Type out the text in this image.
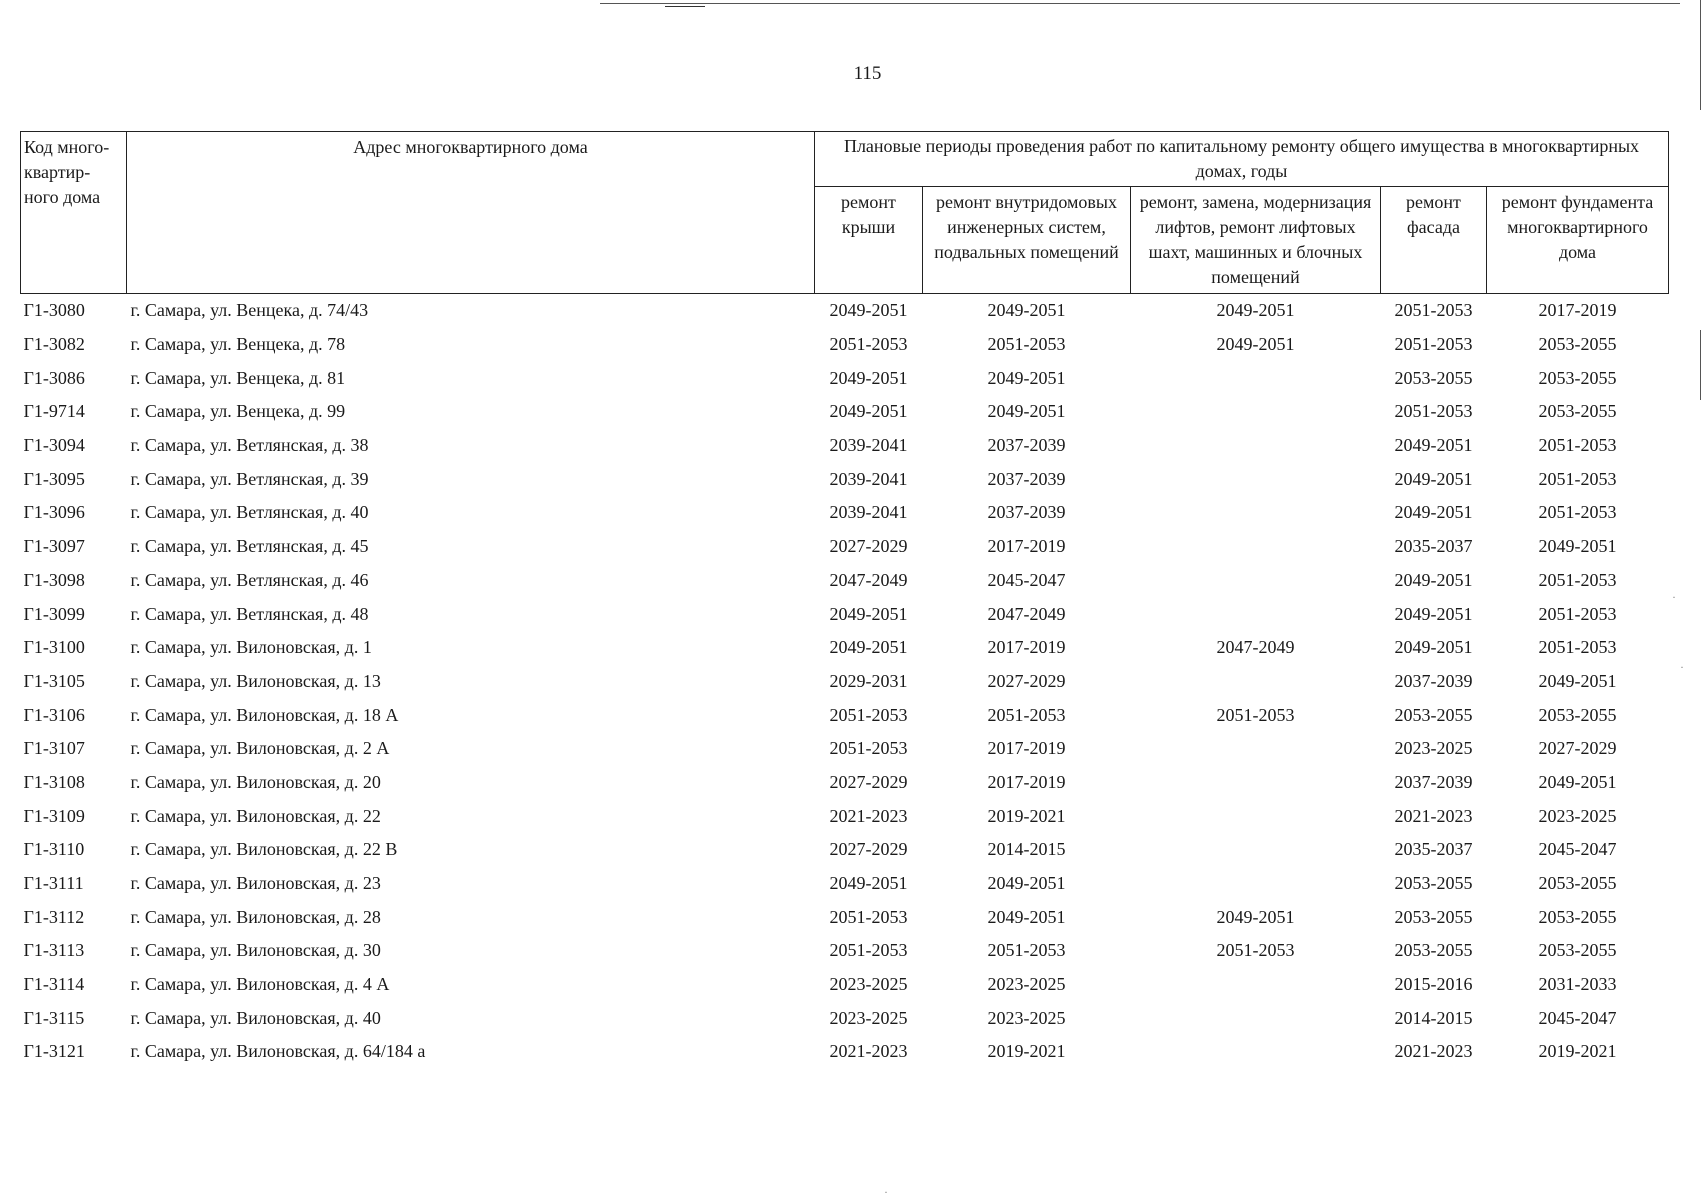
115
Код много-квартир-ного дома	Адрес многоквартирного дома	Плановые периоды проведения работ по капитальному ремонту общего имущества в многоквартирных домах, годы				
		ремонт крыши	ремонт внутридомовых инженерных систем, подвальных помещений	ремонт, замена, модернизация лифтов, ремонт лифтовых шахт, машинных и блочных помещений	ремонт фасада	ремонт фундамента многоквартирного дома
Г1-3080	г. Самара, ул. Венцека, д. 74/43	2049-2051	2049-2051	2049-2051	2051-2053	2017-2019
Г1-3082	г. Самара, ул. Венцека, д. 78	2051-2053	2051-2053	2049-2051	2051-2053	2053-2055
Г1-3086	г. Самара, ул. Венцека, д. 81	2049-2051	2049-2051		2053-2055	2053-2055
Г1-9714	г. Самара, ул. Венцека, д. 99	2049-2051	2049-2051		2051-2053	2053-2055
Г1-3094	г. Самара, ул. Ветлянская, д. 38	2039-2041	2037-2039		2049-2051	2051-2053
Г1-3095	г. Самара, ул. Ветлянская, д. 39	2039-2041	2037-2039		2049-2051	2051-2053
Г1-3096	г. Самара, ул. Ветлянская, д. 40	2039-2041	2037-2039		2049-2051	2051-2053
Г1-3097	г. Самара, ул. Ветлянская, д. 45	2027-2029	2017-2019		2035-2037	2049-2051
Г1-3098	г. Самара, ул. Ветлянская, д. 46	2047-2049	2045-2047		2049-2051	2051-2053
Г1-3099	г. Самара, ул. Ветлянская, д. 48	2049-2051	2047-2049		2049-2051	2051-2053
Г1-3100	г. Самара, ул. Вилоновская, д. 1	2049-2051	2017-2019	2047-2049	2049-2051	2051-2053
Г1-3105	г. Самара, ул. Вилоновская, д. 13	2029-2031	2027-2029		2037-2039	2049-2051
Г1-3106	г. Самара, ул. Вилоновская, д. 18 А	2051-2053	2051-2053	2051-2053	2053-2055	2053-2055
Г1-3107	г. Самара, ул. Вилоновская, д. 2 А	2051-2053	2017-2019		2023-2025	2027-2029
Г1-3108	г. Самара, ул. Вилоновская, д. 20	2027-2029	2017-2019		2037-2039	2049-2051
Г1-3109	г. Самара, ул. Вилоновская, д. 22	2021-2023	2019-2021		2021-2023	2023-2025
Г1-3110	г. Самара, ул. Вилоновская, д. 22 В	2027-2029	2014-2015		2035-2037	2045-2047
Г1-3111	г. Самара, ул. Вилоновская, д. 23	2049-2051	2049-2051		2053-2055	2053-2055
Г1-3112	г. Самара, ул. Вилоновская, д. 28	2051-2053	2049-2051	2049-2051	2053-2055	2053-2055
Г1-3113	г. Самара, ул. Вилоновская, д. 30	2051-2053	2051-2053	2051-2053	2053-2055	2053-2055
Г1-3114	г. Самара, ул. Вилоновская, д. 4 А	2023-2025	2023-2025		2015-2016	2031-2033
Г1-3115	г. Самара, ул. Вилоновская, д. 40	2023-2025	2023-2025		2014-2015	2045-2047
Г1-3121	г. Самара, ул. Вилоновская, д. 64/184 а	2021-2023	2019-2021		2021-2023	2019-2021
·
·
·
